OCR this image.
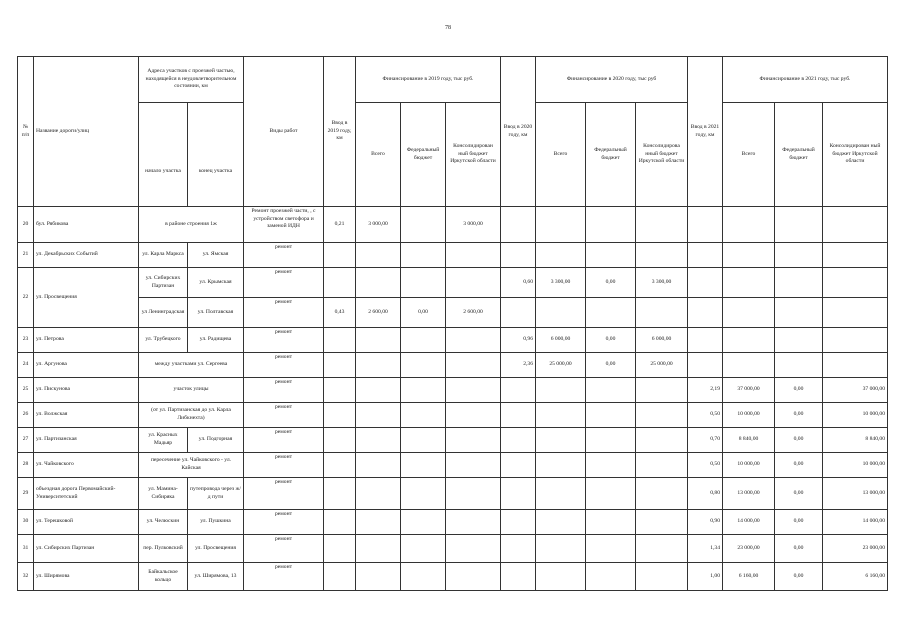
78
№ п/п	Название дороги/улиц	Адреса участков с проезжей частью, находящейся в неудовлетворительном состоянии, км		Виды работ	Ввод в 2019 году, км	Финансирование в 2019 году, тыс руб.			Ввод в 2020 году, км	Финансирование в 2020 году, тыс руб			Ввод в 2021 году, км	Финансирование в 2021 году, тыс руб.		
		начало участка	конец участка			Всего	Федеральный бюджет	Консолидирован ный бюджет Иркутской области		Всего	Федеральный бюджет	Консолидирова нный бюджет Иркутской области		Всего	Федеральный бюджет	Консолидирован ный бюджет Иркутской области
20	бул. Рябикова	в районе строения 1ж		Ремонт проезжей части, , с устройством светофора и заменой ИДН	0,21	3 000,00		3 000,00								
21	ул. Декабрьских Событий	ул. Карла Маркса	ул. Ямская	ремонт												
22	ул. Просвещения	ул. Сибирских Партизан	ул. Крымская	ремонт					0,60	3 300,00	0,00	3 300,00				
		ул Ленинградская	ул. Полтавская	ремонт	0,43	2 600,00	0,00	2 600,00								
23	ул. Петрова	ул. Трубецкого	ул. Радищева	ремонт					0,96	6 000,00	0,00	6 000,00				
24	ул. Аргунова	между участками ул. Сергеева		ремонт					2,36	25 000,00	0,00	25 000,00				
25	ул. Пискунова	участок улицы		ремонт									2,19	37 000,00	0,00	37 000,00
26	ул. Волжская	(от ул. Партизанская до ул. Карла Либкнехта)		ремонт									0,50	10 000,00	0,00	10 000,00
27	ул. Партизанская	ул. Красных Мадьяр	ул. Подгорная	ремонт									0,70	8 840,00	0,00	8 840,00
28	ул. Чайковского	пересечение ул. Чайковского - ул. Кайская		ремонт									0,50	10 000,00	0,00	10 000,00
29	объездная дорога Первомайский-Университетский	ул. Мамина-Сибиряка	путепровода через ж/д пути	ремонт									0,80	13 000,00	0,00	13 000,00
30	ул. Терешковой	ул. Челюскин	ул. Пушкина	ремонт									0,90	14 000,00	0,00	14 000,00
31	ул. Сибирских Партизан	пер. Пулковский	ул. Просвещения	ремонт									1,34	23 000,00	0,00	23 000,00
32	ул. Ширямова	Байкальское кольцо	ул. Ширямова, 13	ремонт									1,00	6 160,00	0,00	6 160,00
